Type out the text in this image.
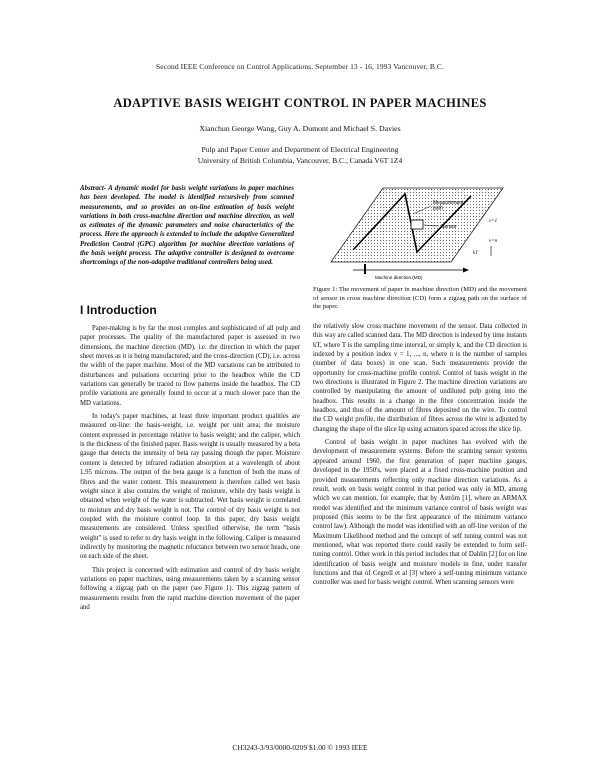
Second IEEE Conference on Control Applications, September 13 - 16, 1993 Vancouver, B.C.
ADAPTIVE BASIS WEIGHT CONTROL IN PAPER MACHINES
Xianchun George Wang, Guy A. Dumont and Michael S. Davies
Pulp and Paper Center and Department of Electrical Engineering
University of British Columbia, Vancouver, B.C., Canada V6T 1Z4
Abstract- A dynamic model for basis weight variations in paper machines has been developed. The model is identified recursively from scanned measurements, and so provides an on-line estimation of basis weight variations in both cross-machine direction and machine direction, as well as estimates of the dynamic parameters and noise characteristics of the process. Here the approach is extended to include the adaptive Generalized Prediction Control (GPC) algorithm for machine direction variations of the basis weight process. The adaptive controller is designed to overcome shortcomings of the non-adaptive traditional controllers being used.
I Introduction

Paper-making is by far the most complex and sophisticated of all pulp and paper processes. The quality of the manufactured paper is assessed in two dimensions, the machine direction (MD), i.e. the direction in which the paper sheet moves as it is being manufactured, and the cross-direction (CD), i.e. across the width of the paper machine. Most of the MD variations can be attributed to disturbances and pulsations occurring prior to the headbox while the CD variations can generally be traced to flow patterns inside the headbox. The CD profile variations are generally found to occur at a much slower pace than the MD variations.

In today's paper machines, at least three important product qualities are measured on-line: the basis-weight, i.e. weight per unit area; the moisture content expressed in percentage relative to basis weight; and the caliper, which is the thickness of the finished paper. Basis weight is usually measured by a beta gauge that detects the intensity of beta ray passing though the paper. Moisture content is detected by infrared radiation absorption at a wavelength of about 1.95 microns. The output of the beta gauge is a function of both the mass of fibres and the water content. This measurement is therefore called wet basis weight since it also contains the weight of moisture, while dry basis weight is obtained when weight of the water is subtracted. Wet basis weight is correlated to moisture and dry basis weight is not. The control of dry basis weight is not coupled with the moisture control loop. In this paper, dry basis weight measurements are considered. Unless specified otherwise, the term "basis weight" is used to refer to dry basis weight in the following. Caliper is measured indirectly by monitoring the magnetic reluctance between two sensor heads, one on each side of the sheet.

This project is concerned with estimation and control of dry basis weight variations on paper machines, using measurements taken by a scanning sensor following a zigzag path on the paper (see Figure 1). This zigzag pattern of measurements results from the rapid machine direction movement of the paper and

Measurement path
Sensor
kT
v=1
v=n
Machine direction (MD)
Figure 1: The movement of paper in machine direction (MD) and the movement of sensor in cross machine direction (CD) form a zigzag path on the surface of the paper.

the relatively slow cross machine movement of the sensor. Data collected in this way are called scanned data. The MD direction is indexed by time instants kT, where T is the sampling time interval, or simply k, and the CD direction is indexed by a position index v = 1, ..., n, where n is the number of samples (number of data boxes) in one scan. Such measurements provide the opportunity for cross-machine profile control. Control of basis weight in the two directions is illustrated in Figure 2. The machine direction variations are controlled by manipulating the amount of undiluted pulp going into the headbox. This results in a change in the fibre concentration inside the headbox, and thus of the amount of fibres deposited on the wire. To control the CD weight profile, the distribution of fibres across the wire is adjusted by changing the shape of the slice lip using actuators spaced across the slice lip.

Control of basis weight in paper machines has evolved with the development of measurement systems. Before the scanning sensor systems appeared around 1960, the first generation of paper machine gauges, developed in the 1950's, were placed at a fixed cross-machine position and provided measurements reflecting only machine direction variations. As a result, work on basis weight control in that period was only in MD, among which we can mention, for example, that by Åström [1], where an ARMAX model was identified and the minimum variance control of basis weight was proposed (this seems to be the first appearance of the minimum variance control law). Although the model was identified with an off-line version of the Maximum Likelihood method and the concept of self tuning control was not mentioned, what was reported there could easily be extended to form self-tuning control. Other work in this period includes that of Dahlin [2] for on line identification of basis weight and moisture models in fine, under transfer functions and that of Cegrell et al [3] where a self-tuning minimum variance controller was used for basis weight control. When scanning sensors were

CH3243-3/93/0000-0209 $1.00 © 1993 IEEE
